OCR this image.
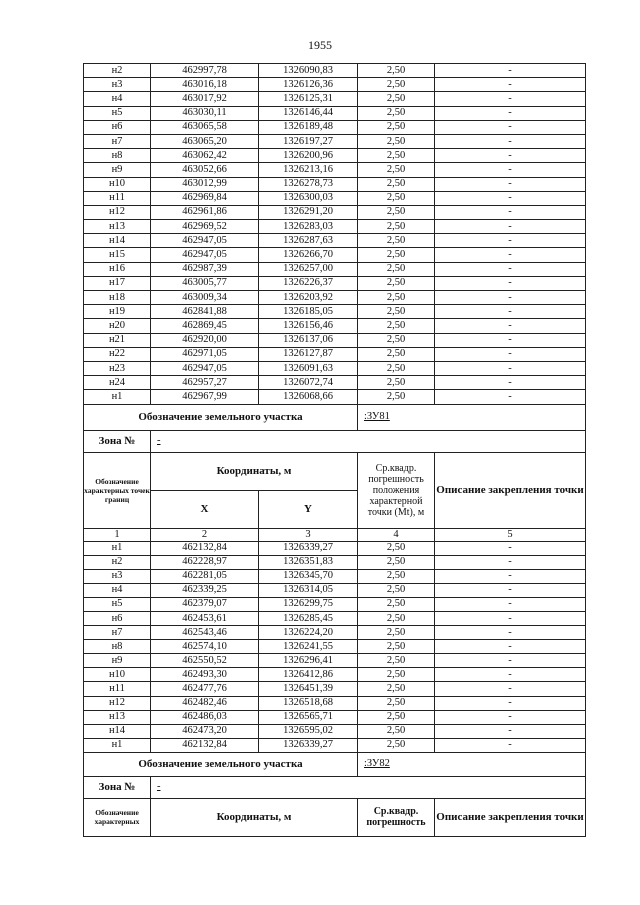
1955
н2	462997,78	1326090,83	2,50	-
н3	463016,18	1326126,36	2,50	-
н4	463017,92	1326125,31	2,50	-
н5	463030,11	1326146,44	2,50	-
н6	463065,58	1326189,48	2,50	-
н7	463065,20	1326197,27	2,50	-
н8	463062,42	1326200,96	2,50	-
н9	463052,66	1326213,16	2,50	-
н10	463012,99	1326278,73	2,50	-
н11	462969,84	1326300,03	2,50	-
н12	462961,86	1326291,20	2,50	-
н13	462969,52	1326283,03	2,50	-
н14	462947,05	1326287,63	2,50	-
н15	462947,05	1326266,70	2,50	-
н16	462987,39	1326257,00	2,50	-
н17	463005,77	1326226,37	2,50	-
н18	463009,34	1326203,92	2,50	-
н19	462841,88	1326185,05	2,50	-
н20	462869,45	1326156,46	2,50	-
н21	462920,00	1326137,06	2,50	-
н22	462971,05	1326127,87	2,50	-
н23	462947,05	1326091,63	2,50	-
н24	462957,27	1326072,74	2,50	-
н1	462967,99	1326068,66	2,50	-
Обозначение земельного участка			:ЗУ81	
Зона №	-			
Обозначение характерных точек границ	Координаты, м		Ср.квадр. погрешность положения характерной точки (Mt), м	Описание закрепления точки
	X	Y		
1	2	3	4	5
н1	462132,84	1326339,27	2,50	-
н2	462228,97	1326351,83	2,50	-
н3	462281,05	1326345,70	2,50	-
н4	462339,25	1326314,05	2,50	-
н5	462379,07	1326299,75	2,50	-
н6	462453,61	1326285,45	2,50	-
н7	462543,46	1326224,20	2,50	-
н8	462574,10	1326241,55	2,50	-
н9	462550,52	1326296,41	2,50	-
н10	462493,30	1326412,86	2,50	-
н11	462477,76	1326451,39	2,50	-
н12	462482,46	1326518,68	2,50	-
н13	462486,03	1326565,71	2,50	-
н14	462473,20	1326595,02	2,50	-
н1	462132,84	1326339,27	2,50	-
Обозначение земельного участка			:ЗУ82	
Зона №	-			
Обозначение характерных	Координаты, м		Ср.квадр. погрешность	Описание закрепления точки
